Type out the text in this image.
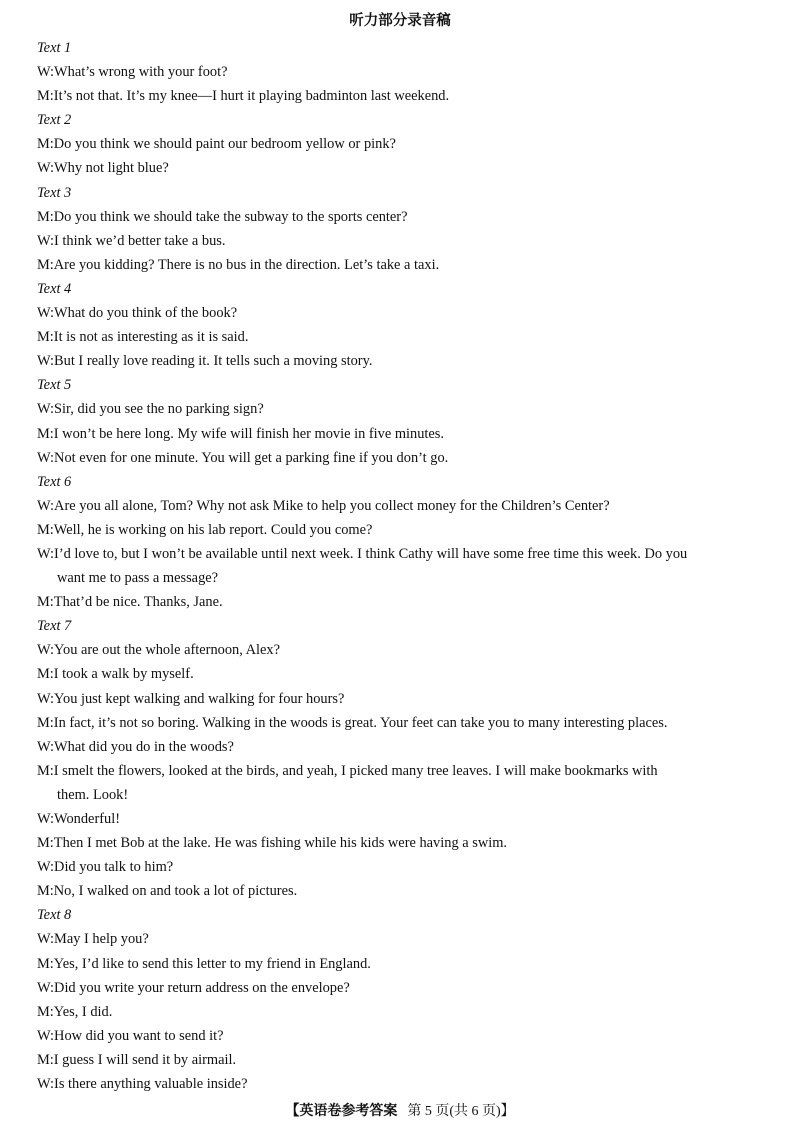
听力部分录音稿
Text 1
W:What’s wrong with your foot?
M:It’s not that. It’s my knee—I hurt it playing badminton last weekend.
Text 2
M:Do you think we should paint our bedroom yellow or pink?
W:Why not light blue?
Text 3
M:Do you think we should take the subway to the sports center?
W:I think we’d better take a bus.
M:Are you kidding? There is no bus in the direction. Let’s take a taxi.
Text 4
W:What do you think of the book?
M:It is not as interesting as it is said.
W:But I really love reading it. It tells such a moving story.
Text 5
W:Sir, did you see the no parking sign?
M:I won’t be here long. My wife will finish her movie in five minutes.
W:Not even for one minute. You will get a parking fine if you don’t go.
Text 6
W:Are you all alone, Tom? Why not ask Mike to help you collect money for the Children’s Center?
M:Well, he is working on his lab report. Could you come?
W:I’d love to, but I won’t be available until next week. I think Cathy will have some free time this week. Do you
want me to pass a message?
M:That’d be nice. Thanks, Jane.
Text 7
W:You are out the whole afternoon, Alex?
M:I took a walk by myself.
W:You just kept walking and walking for four hours?
M:In fact, it’s not so boring. Walking in the woods is great. Your feet can take you to many interesting places.
W:What did you do in the woods?
M:I smelt the flowers, looked at the birds, and yeah, I picked many tree leaves. I will make bookmarks with
them. Look!
W:Wonderful!
M:Then I met Bob at the lake. He was fishing while his kids were having a swim.
W:Did you talk to him?
M:No, I walked on and took a lot of pictures.
Text 8
W:May I help you?
M:Yes, I’d like to send this letter to my friend in England.
W:Did you write your return address on the envelope?
M:Yes, I did.
W:How did you want to send it?
M:I guess I will send it by airmail.
W:Is there anything valuable inside?
【英语卷参考答案 第 5 页(共 6 页)】
